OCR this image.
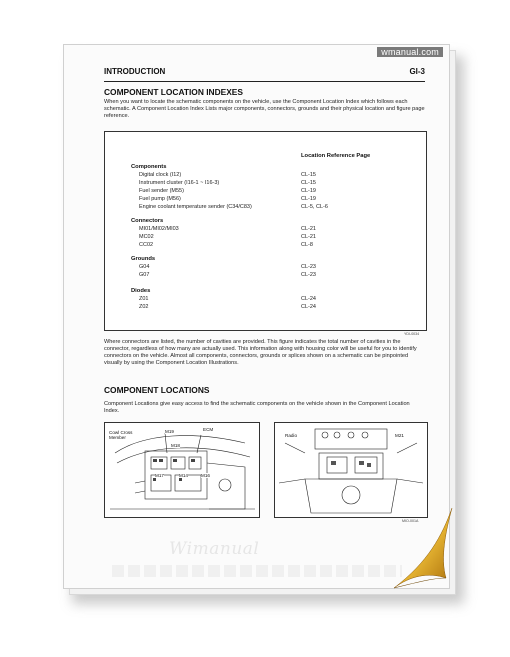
wmanual.com
INTRODUCTION	GI-3
COMPONENT LOCATION INDEXES
When you want to locate the schematic components on the vehicle, use the Component Location Index which follows each schematic. A Component Location Index Lists major components, connectors, grounds and their physical location and figure page reference.
Location Reference Page
Components
Digital clock (I12)	CL-15
Instrument cluster (I16-1 ~ I16-3)	CL-15
Fuel sender (M55)	CL-19
Fuel pump (M56)	CL-19
Engine coolant temperature sender (C34/C83)	CL-5, CL-6
Connectors
MI01/MI02/MI03	CL-21
MC02	CL-21
CC02	CL-8
Grounds
G04	CL-23
G07	CL-23
Diodes
Z01	CL-24
Z02	CL-24
YDI-0034
Where connectors are listed, the number of cavities are provided. This figure indicates the total number of cavities in the connector, regardless of how many are actually used. This information along with housing color will be useful for you to identify connectors on the vehicle. Almost all components, connectors, grounds or splices shown on a schematic can be pinpointed visually by using the Component Location Illustrations.
COMPONENT LOCATIONS
Component Locations give easy access to find the schematic components on the vehicle shown in the Component Location Index.
Cowl Cross Member
M19	ECM
M18
M17	M14	M16
Radio	M21
MIO-001A
Wimanual
